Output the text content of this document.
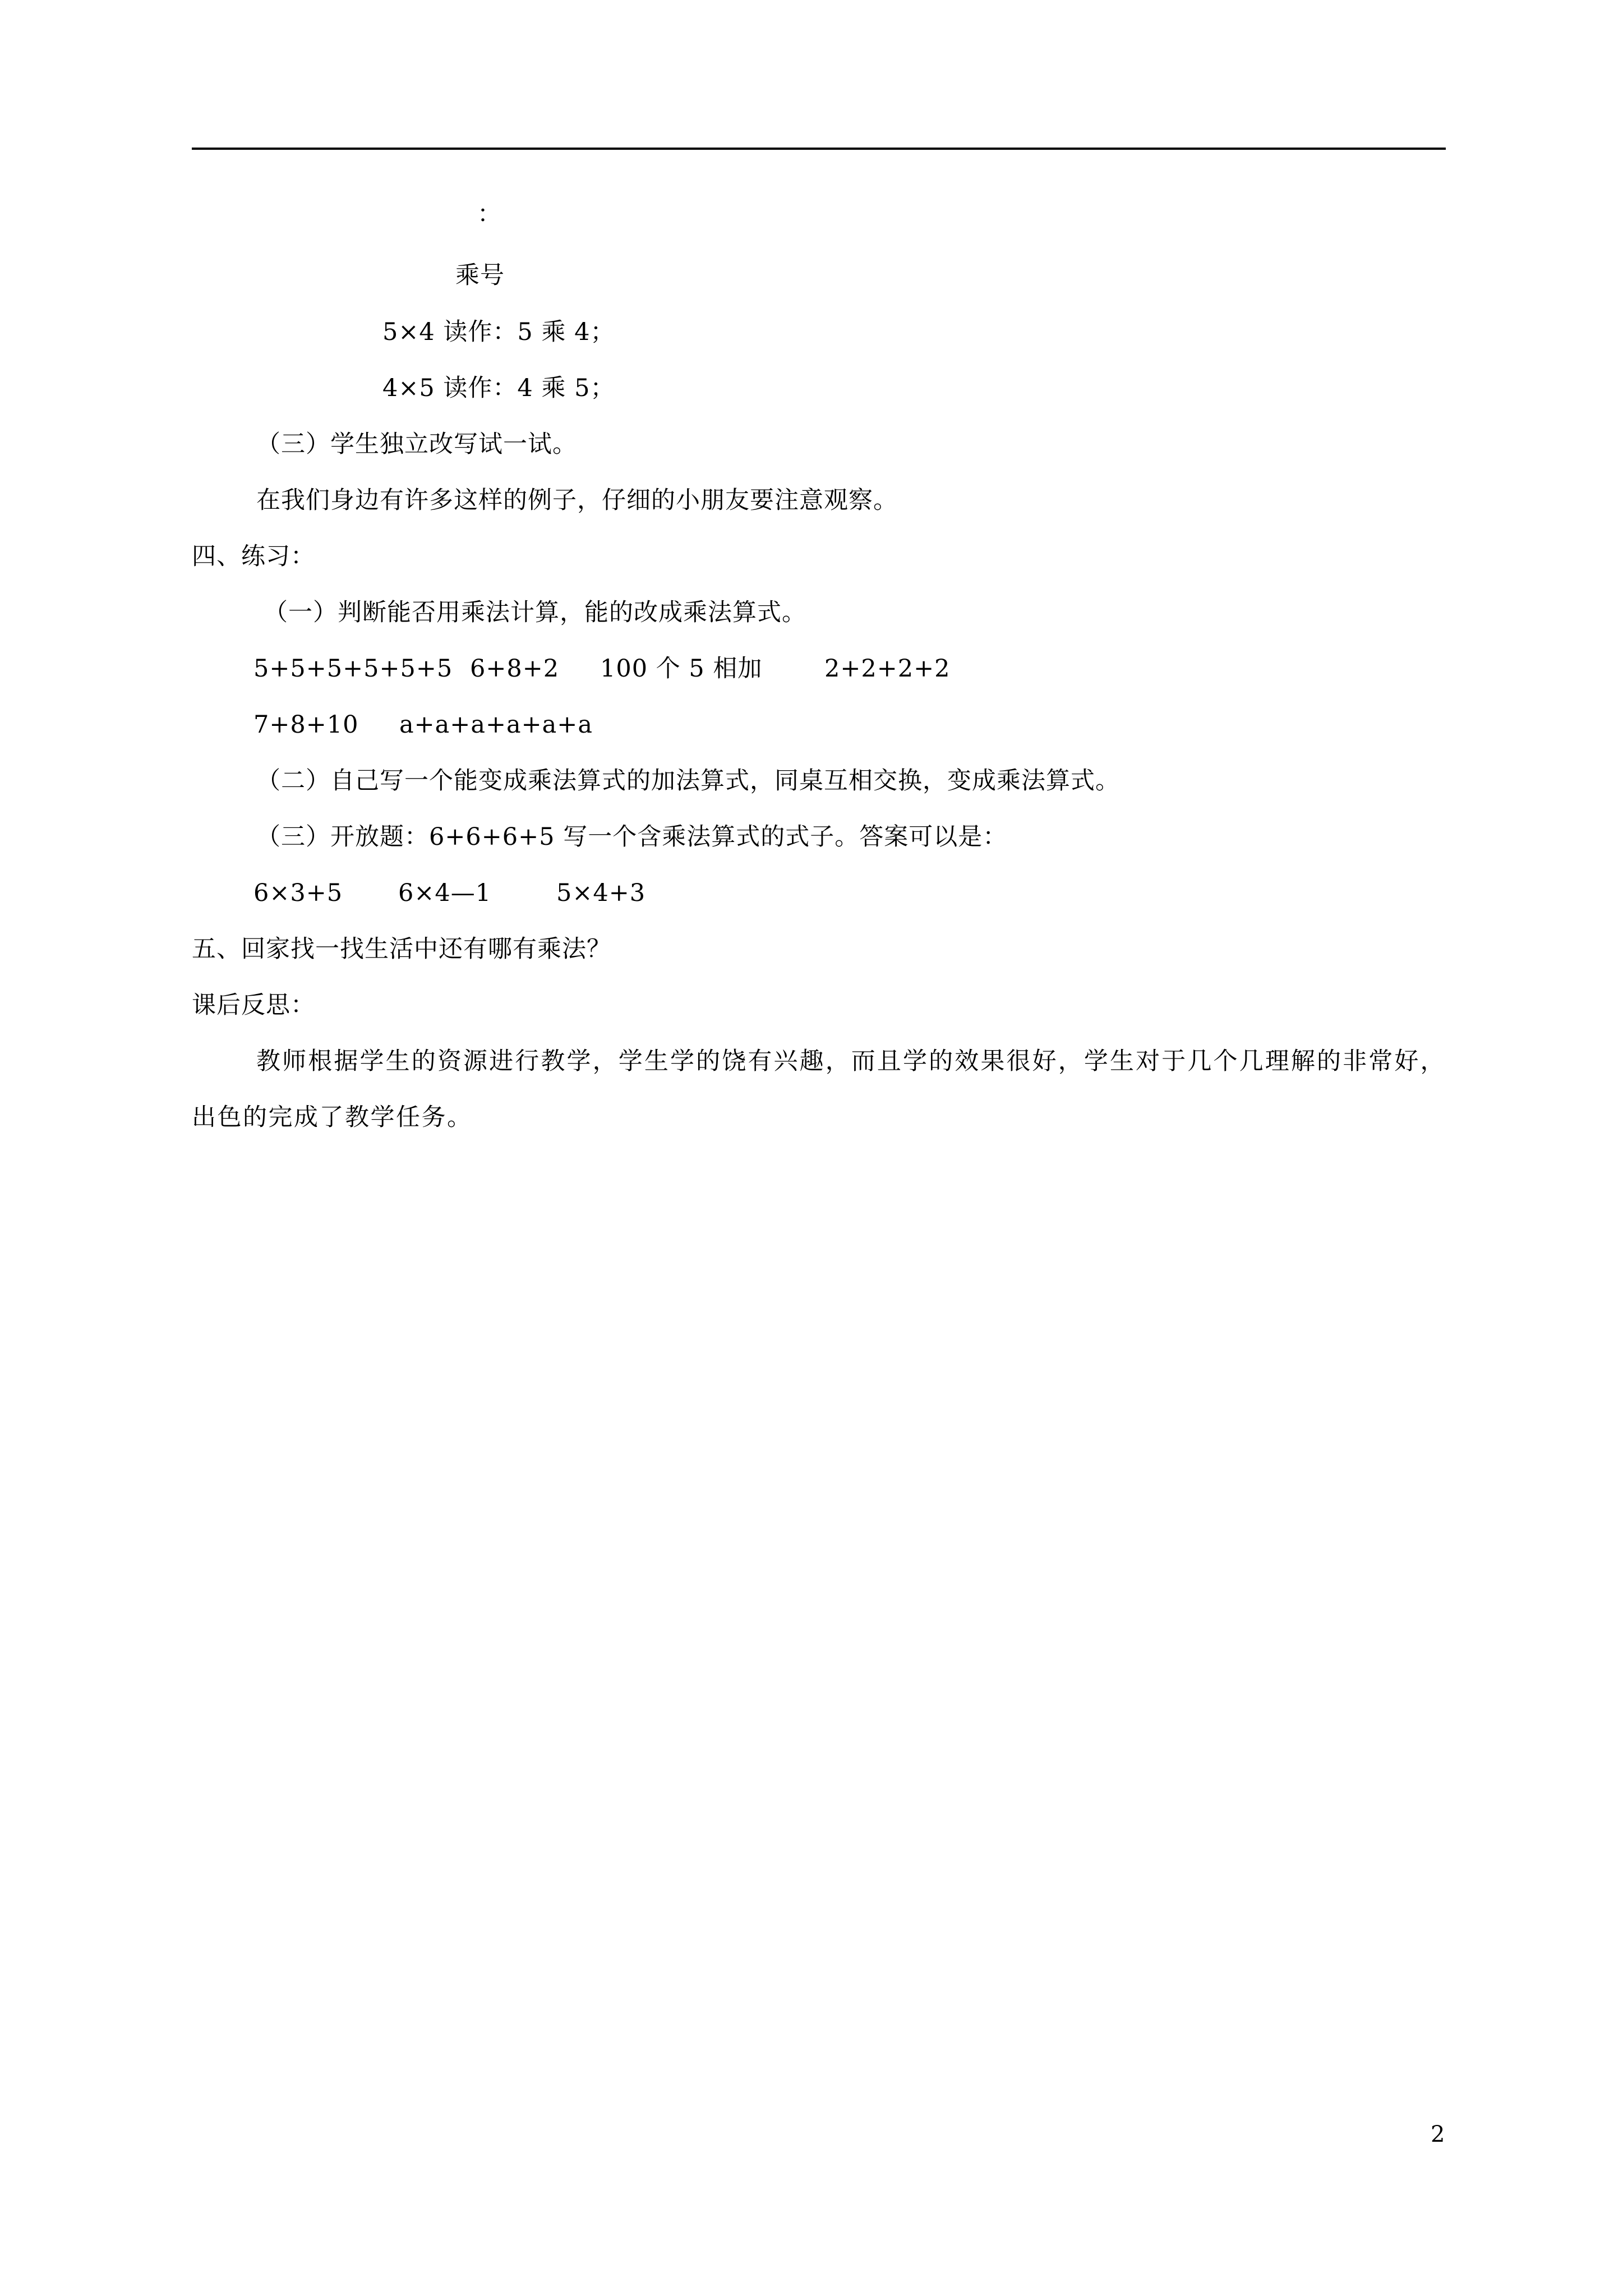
：
乘号
5×4 读作：5 乘 4；
4×5 读作：4 乘 5；
（三）学生独立改写试一试。
在我们身边有许多这样的例子，仔细的小朋友要注意观察。
四、练习：
（一）判断能否用乘法计算，能的改成乘法算式。
5+5+5+5+5+5 6+8+2 100 个 5 相加	2+2+2+2
7+8+10 a+a+a+a+a+a
（二）自己写一个能变成乘法算式的加法算式，同桌互相交换，变成乘法算式。
（三）开放题：6+6+6+5 写一个含乘法算式的式子。答案可以是：
6×3+5 6×4—1	5×4+3
五、回家找一找生活中还有哪有乘法？
课后反思：

教师根据学生的资源进行教学，学生学的饶有兴趣，而且学的效果很好，学生对于几个几理解的非常好，出色的完成了教学任务。

2
